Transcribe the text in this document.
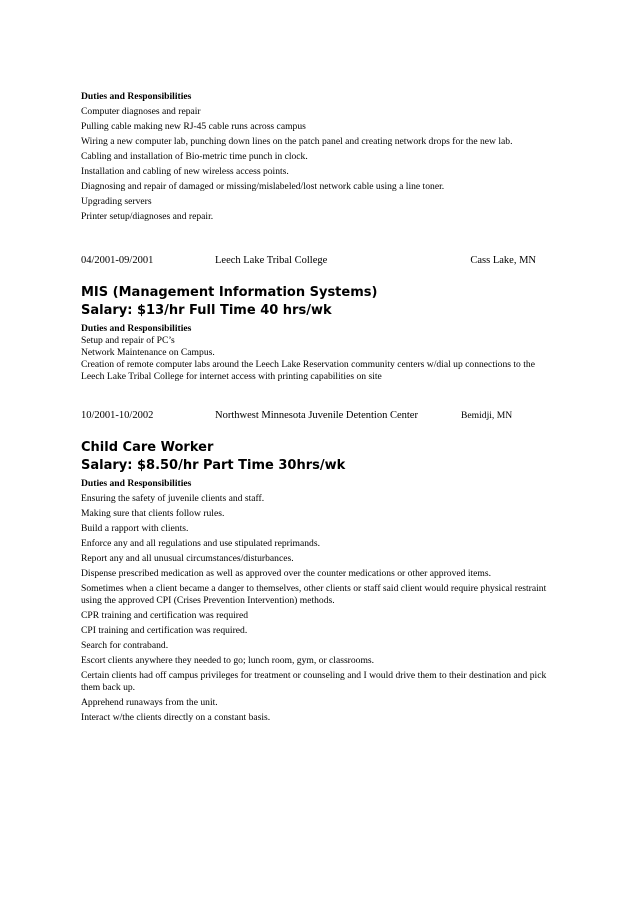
Duties and Responsibilities

Computer diagnoses and repair

Pulling cable making new RJ-45 cable runs across campus

Wiring a new computer lab, punching down lines on the patch panel and creating network drops for the new lab.

Cabling and installation of Bio-metric time punch in clock.

Installation and cabling of new wireless access points.

Diagnosing and repair of damaged or missing/mislabeled/lost network cable using a line toner.

Upgrading servers

Printer setup/diagnoses and repair.

04/2001-09/2001	Leech Lake Tribal College	Cass Lake, MN

MIS (Management Information Systems)

Salary: $13/hr Full Time 40 hrs/wk

Duties and Responsibilities

Setup and repair of PC’s

Network Maintenance on Campus.

Creation of remote computer labs around the Leech Lake Reservation community centers w/dial up connections to the Leech Lake Tribal College for internet access with printing capabilities on site

10/2001-10/2002	Northwest Minnesota Juvenile Detention Center	Bemidji, MN

Child Care Worker

Salary: $8.50/hr Part Time 30hrs/wk

Duties and Responsibilities

Ensuring the safety of juvenile clients and staff.

Making sure that clients follow rules.

Build a rapport with clients.

Enforce any and all regulations and use stipulated reprimands.

Report any and all unusual circumstances/disturbances.

Dispense prescribed medication as well as approved over the counter medications or other approved items.

Sometimes when a client became a danger to themselves, other clients or staff said client would require physical restraint using the approved CPI (Crises Prevention Intervention) methods.

CPR training and certification was required

CPI training and certification was required.

Search for contraband.

Escort clients anywhere they needed to go; lunch room, gym, or classrooms.

Certain clients had off campus privileges for treatment or counseling and I would drive them to their destination and pick them back up.

Apprehend runaways from the unit.

Interact w/the clients directly on a constant basis.
